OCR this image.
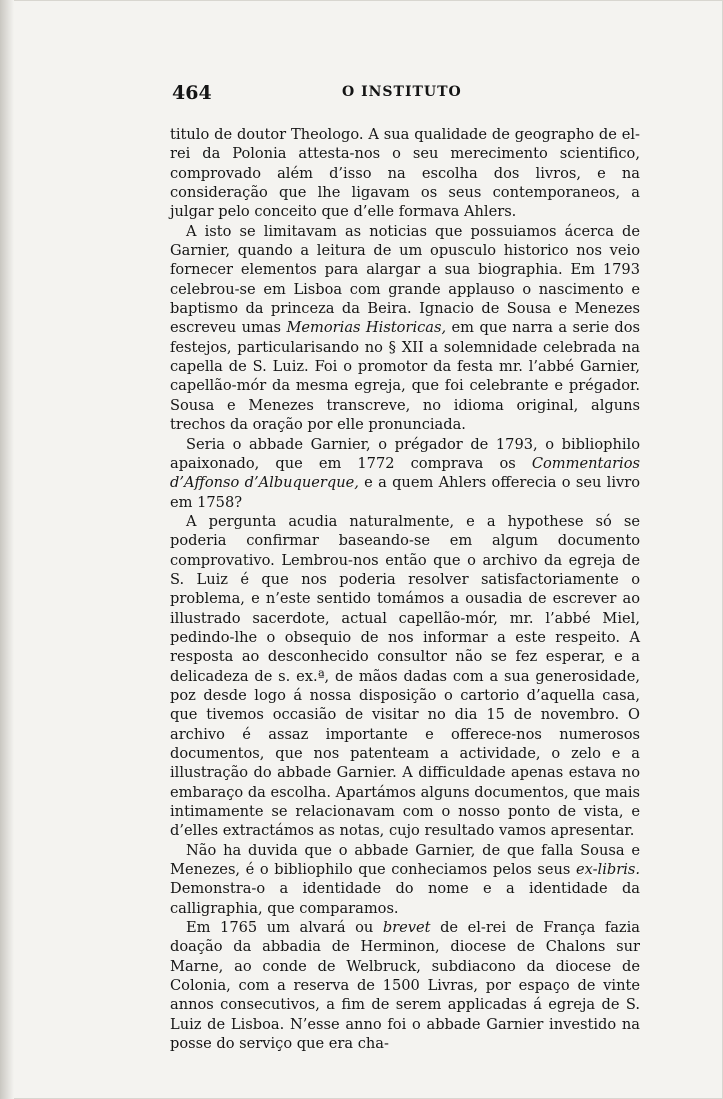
464	O INSTITUTO

titulo de doutor Theologo. A sua qualidade de geographo de el-rei da Polonia attesta-nos o seu merecimento scientifico, comprovado além d’isso na escolha dos livros, e na consideração que lhe ligavam os seus contemporaneos, a julgar pelo conceito que d’elle formava Ahlers.

A isto se limitavam as noticias que possuiamos ácerca de Garnier, quando a leitura de um opusculo historico nos veio fornecer elementos para alargar a sua biographia. Em 1793 celebrou-se em Lisboa com grande applauso o nascimento e baptismo da princeza da Beira. Ignacio de Sousa e Menezes escreveu umas Memorias Historicas, em que narra a serie dos festejos, particularisando no § XII a solemnidade celebrada na capella de S. Luiz. Foi o promotor da festa mr. l’abbé Garnier, capellão-mór da mesma egreja, que foi celebrante e prégador. Sousa e Menezes transcreve, no idioma original, alguns trechos da oração por elle pronunciada.

Seria o abbade Garnier, o prégador de 1793, o bibliophilo apaixonado, que em 1772 comprava os Commentarios d’Affonso d’Albuquerque, e a quem Ahlers offerecia o seu livro em 1758?

A pergunta acudia naturalmente, e a hypothese só se poderia confirmar baseando-se em algum documento comprovativo. Lembrou-nos então que o archivo da egreja de S. Luiz é que nos poderia resolver satisfactoriamente o problema, e n’este sentido tomámos a ousadia de escrever ao illustrado sacerdote, actual capellão-mór, mr. l’abbé Miel, pedindo-lhe o obsequio de nos informar a este respeito. A resposta ao desconhecido consultor não se fez esperar, e a delicadeza de s. ex.ª, de mãos dadas com a sua generosidade, poz desde logo á nossa disposição o cartorio d’aquella casa, que tivemos occasião de visitar no dia 15 de novembro. O archivo é assaz importante e offerece-nos numerosos documentos, que nos patenteam a actividade, o zelo e a illustração do abbade Garnier. A difficuldade apenas estava no embaraço da escolha. Apartámos alguns documentos, que mais intimamente se relacionavam com o nosso ponto de vista, e d’elles extractámos as notas, cujo resultado vamos apresentar.

Não ha duvida que o abbade Garnier, de que falla Sousa e Menezes, é o bibliophilo que conheciamos pelos seus ex-libris. Demonstra-o a identidade do nome e a identidade da calligraphia, que comparamos.

Em 1765 um alvará ou brevet de el-rei de França fazia doação da abbadia de Herminon, diocese de Chalons sur Marne, ao conde de Welbruck, subdiacono da diocese de Colonia, com a reserva de 1500 Livras, por espaço de vinte annos consecutivos, a fim de serem applicadas á egreja de S. Luiz de Lisboa. N’esse anno foi o abbade Garnier investido na posse do serviço que era cha-
